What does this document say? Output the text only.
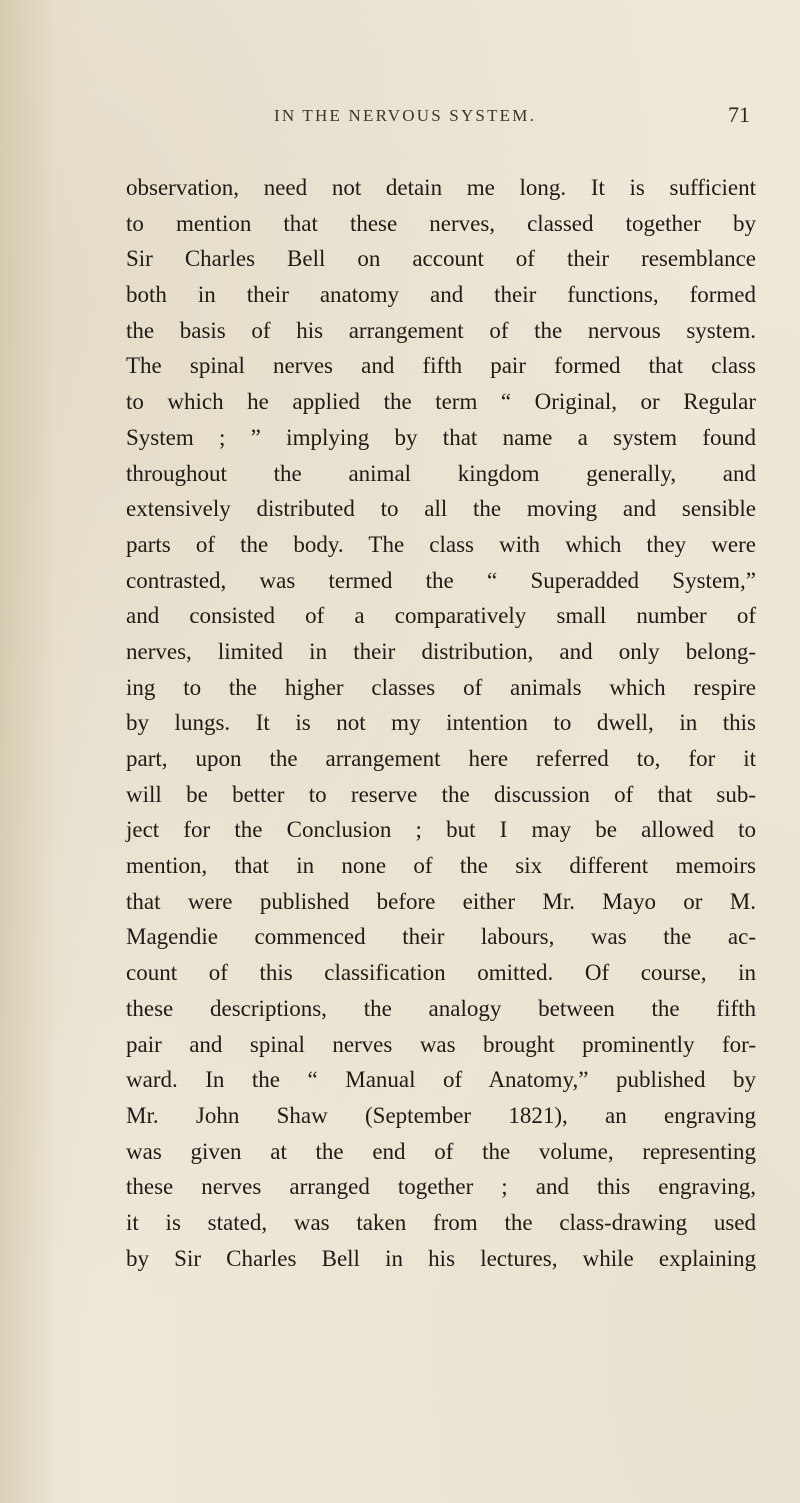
IN THE NERVOUS SYSTEM.	71
observation, need not detain me long. It is sufficient
to mention that these nerves, classed together by
Sir Charles Bell on account of their resemblance
both in their anatomy and their functions, formed
the basis of his arrangement of the nervous system.
The spinal nerves and fifth pair formed that class
to which he applied the term “ Original, or Regular
System ; ” implying by that name a system found
throughout the animal kingdom generally, and
extensively distributed to all the moving and sensible
parts of the body. The class with which they were
contrasted, was termed the “ Superadded System,”
and consisted of a comparatively small number of
nerves, limited in their distribution, and only belong-
ing to the higher classes of animals which respire
by lungs. It is not my intention to dwell, in this
part, upon the arrangement here referred to, for it
will be better to reserve the discussion of that sub-
ject for the Conclusion ; but I may be allowed to
mention, that in none of the six different memoirs
that were published before either Mr. Mayo or M.
Magendie commenced their labours, was the ac-
count of this classification omitted. Of course, in
these descriptions, the analogy between the fifth
pair and spinal nerves was brought prominently for-
ward. In the “ Manual of Anatomy,” published by
Mr. John Shaw (September 1821), an engraving
was given at the end of the volume, representing
these nerves arranged together ; and this engraving,
it is stated, was taken from the class-drawing used
by Sir Charles Bell in his lectures, while explaining
